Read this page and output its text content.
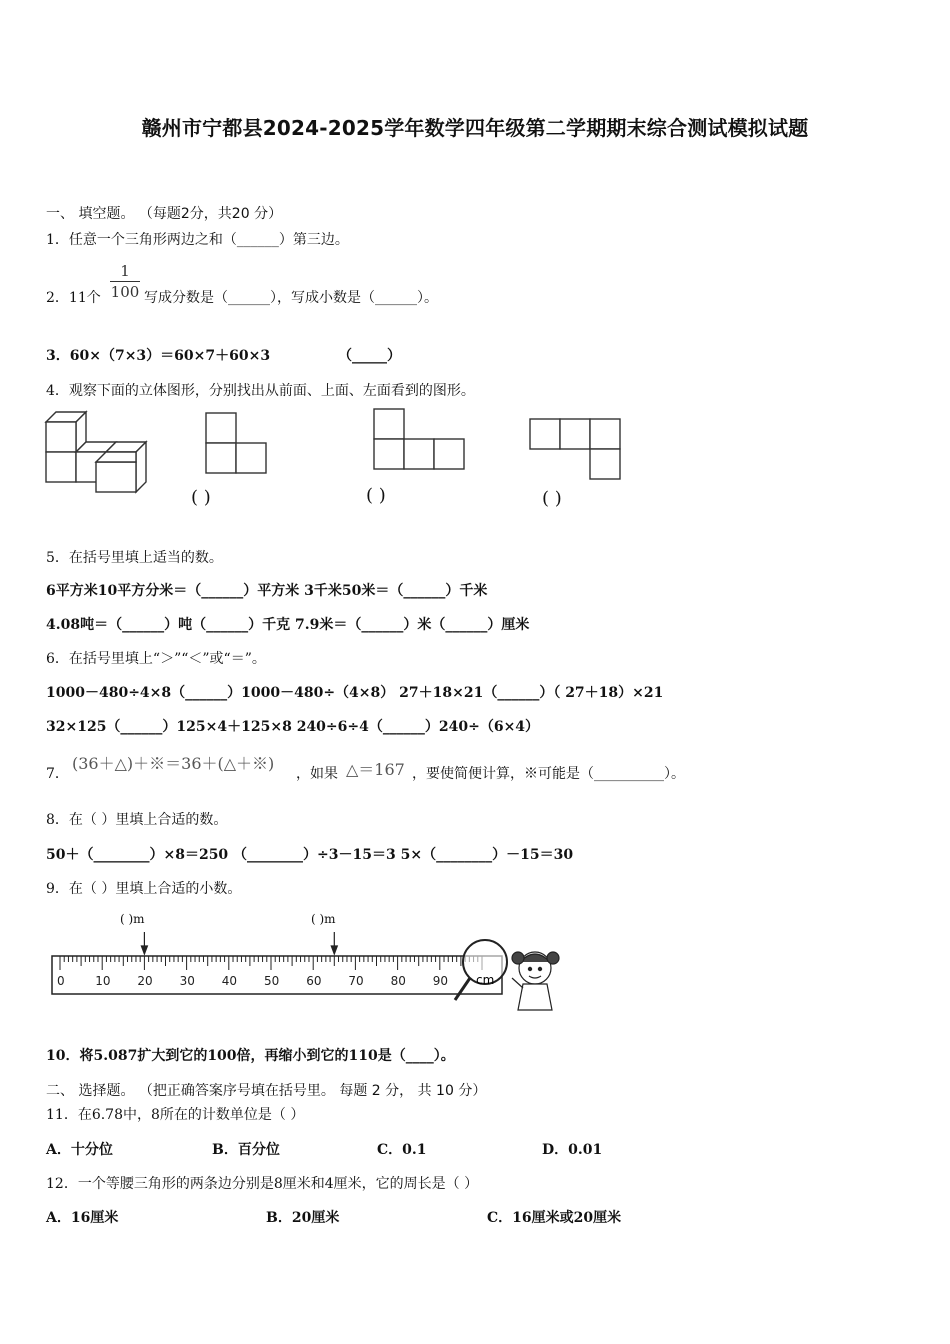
赣州市宁都县2024-2025学年数学四年级第二学期期末综合测试模拟试题
一、 填空题。 （每题2分，共20 分）
1．任意一个三角形两边之和（______）第三边。
2．11个
1
100 写成分数是（______），写成小数是（______）。
3．60×（7×3）＝60×7＋60×3	（_____）
4．观察下面的立体图形，分别找出从前面、上面、左面看到的图形。
( )	( )	( )
5．在括号里填上适当的数。
6平方米10平方分米＝（______）平方米 3千米50米＝（______）千米
4.08吨＝（______）吨（______）千克 7.9米＝（______）米（______）厘米
6．在括号里填上“＞”“＜”或“＝”。
1000－480÷4×8（______）1000－480÷（4×8） 27＋18×21（______）（ 27＋18）×21
32×125（______）125×4＋125×8 240÷6÷4（______）240÷（6×4）
7．
(36＋△)＋※＝36＋(△＋※)
，如果 △＝167 ，要使简便计算，※可能是（__________）。
8．在（ ）里填上合适的数。
50＋（________）×8＝250 （________）÷3－15＝3 5×（________）－15＝30
9．在（ ）里填上合适的小数。
( )m	( )m
0	10 20 30 40 50 60 70 80 90 cm
10．将5.087扩大到它的100倍，再缩小到它的110是（____）。
二、 选择题。 （把正确答案序号填在括号里。 每题 2 分， 共 10 分）
11．在6.78中，8所在的计数单位是（ ）
A．十分位	B．百分位	C．0.1	D．0.01
12．一个等腰三角形的两条边分别是8厘米和4厘米，它的周长是（ ）
A．16厘米	B．20厘米	C．16厘米或20厘米
